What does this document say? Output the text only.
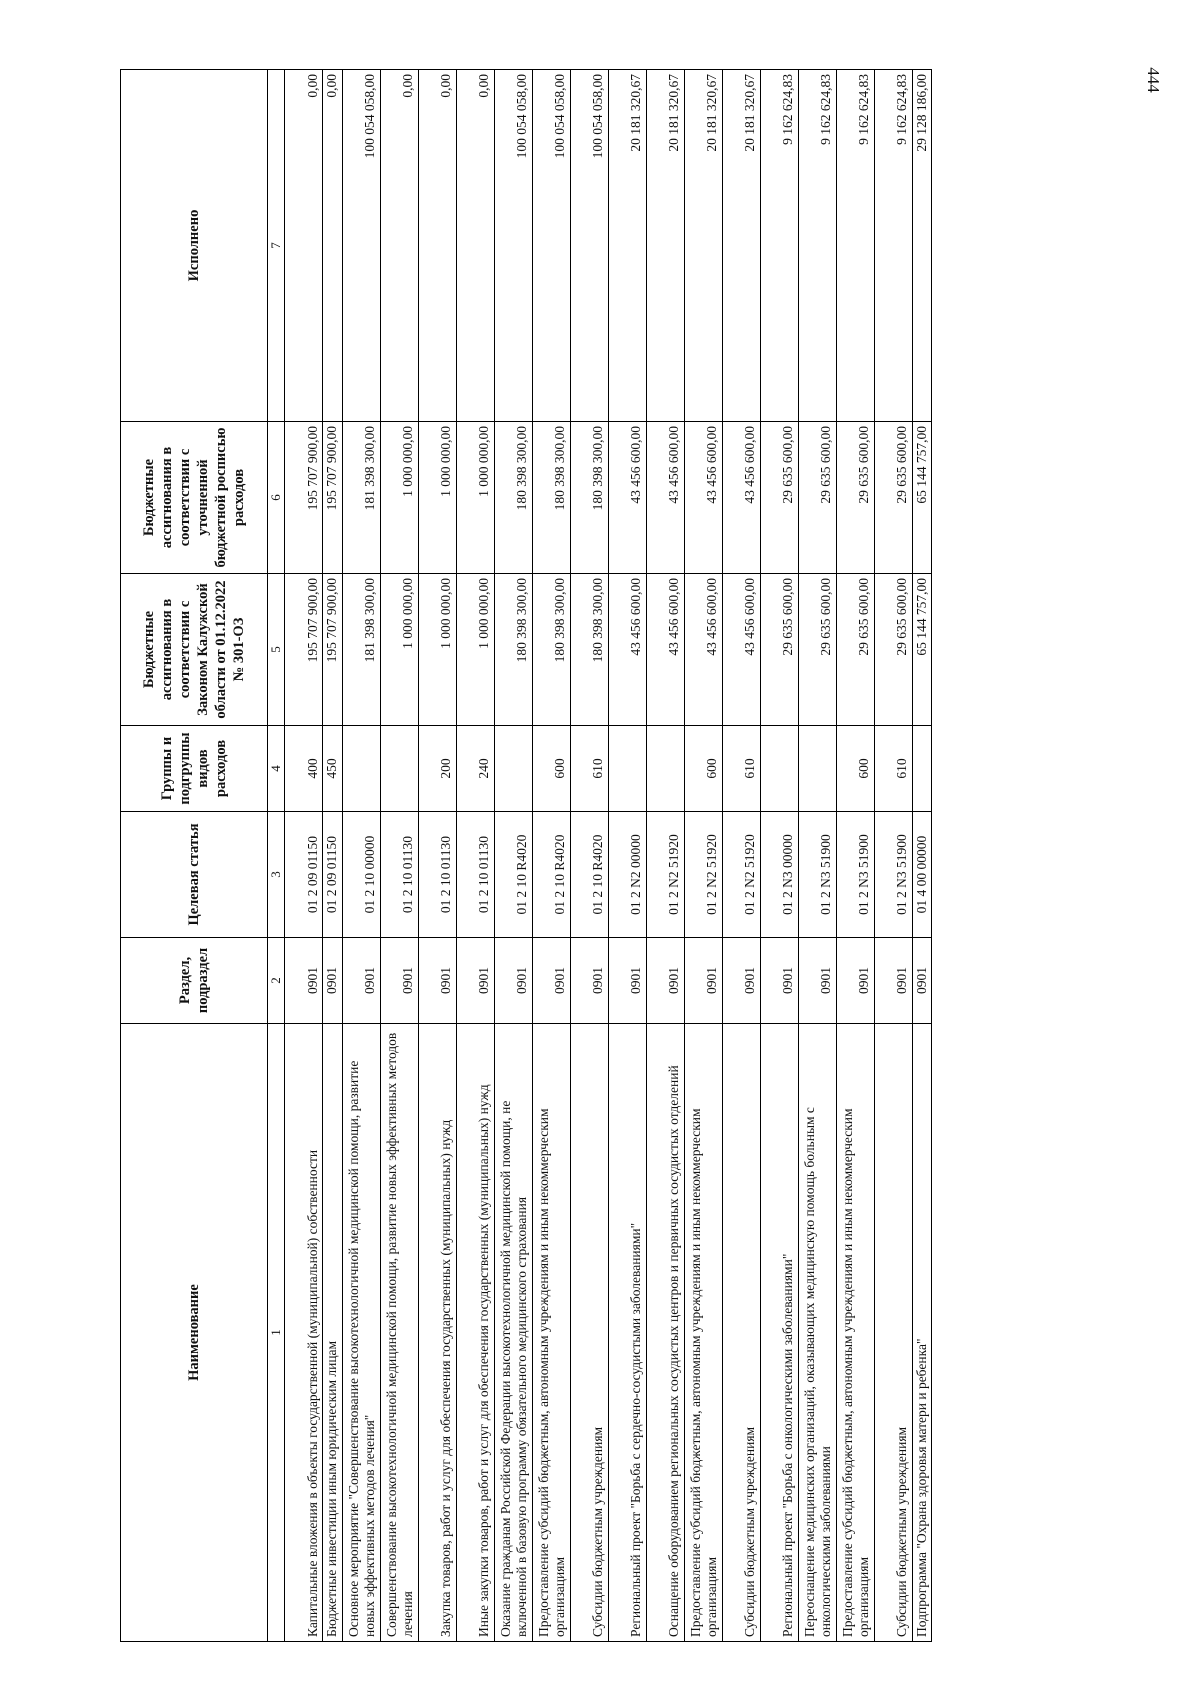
444
Наименование	Раздел, подраздел	Целевая статья	Группы и подгруппы видов расходов	Бюджетные ассигнования в соответствии с Законом Калужской области от 01.12.2022 № 301-ОЗ	Бюджетные ассигнования в соответствии с уточненной бюджетной росписью расходов	Исполнено
1	2	3	4	5	6	7
Капитальные вложения в объекты государственной (муниципальной) собственности	0901	01 2 09 01150	400	195 707 900,00	195 707 900,00	0,00
Бюджетные инвестиции иным юридическим лицам	0901	01 2 09 01150	450	195 707 900,00	195 707 900,00	0,00
Основное мероприятие "Совершенствование высокотехнологичной медицинской помощи, развитие новых эффективных методов лечения"	0901	01 2 10 00000		181 398 300,00	181 398 300,00	100 054 058,00
Совершенствование высокотехнологичной медицинской помощи, развитие новых эффективных методов лечения	0901	01 2 10 01130		1 000 000,00	1 000 000,00	0,00
Закупка товаров, работ и услуг для обеспечения государственных (муниципальных) нужд	0901	01 2 10 01130	200	1 000 000,00	1 000 000,00	0,00
Иные закупки товаров, работ и услуг для обеспечения государственных (муниципальных) нужд	0901	01 2 10 01130	240	1 000 000,00	1 000 000,00	0,00
Оказание гражданам Российской Федерации высокотехнологичной медицинской помощи, не включенной в базовую программу обязательного медицинского страхования	0901	01 2 10 R4020		180 398 300,00	180 398 300,00	100 054 058,00
Предоставление субсидий бюджетным, автономным учреждениям и иным некоммерческим организациям	0901	01 2 10 R4020	600	180 398 300,00	180 398 300,00	100 054 058,00
Субсидии бюджетным учреждениям	0901	01 2 10 R4020	610	180 398 300,00	180 398 300,00	100 054 058,00
Региональный проект "Борьба с сердечно-сосудистыми заболеваниями"	0901	01 2 N2 00000		43 456 600,00	43 456 600,00	20 181 320,67
Оснащение оборудованием региональных сосудистых центров и первичных сосудистых отделений	0901	01 2 N2 51920		43 456 600,00	43 456 600,00	20 181 320,67
Предоставление субсидий бюджетным, автономным учреждениям и иным некоммерческим организациям	0901	01 2 N2 51920	600	43 456 600,00	43 456 600,00	20 181 320,67
Субсидии бюджетным учреждениям	0901	01 2 N2 51920	610	43 456 600,00	43 456 600,00	20 181 320,67
Региональный проект "Борьба с онкологическими заболеваниями"	0901	01 2 N3 00000		29 635 600,00	29 635 600,00	9 162 624,83
Переоснащение медицинских организаций, оказывающих медицинскую помощь больным с онкологическими заболеваниями	0901	01 2 N3 51900		29 635 600,00	29 635 600,00	9 162 624,83
Предоставление субсидий бюджетным, автономным учреждениям и иным некоммерческим организациям	0901	01 2 N3 51900	600	29 635 600,00	29 635 600,00	9 162 624,83
Субсидии бюджетным учреждениям	0901	01 2 N3 51900	610	29 635 600,00	29 635 600,00	9 162 624,83
Подпрограмма "Охрана здоровья матери и ребенка"	0901	01 4 00 00000		65 144 757,00	65 144 757,00	29 128 186,00
